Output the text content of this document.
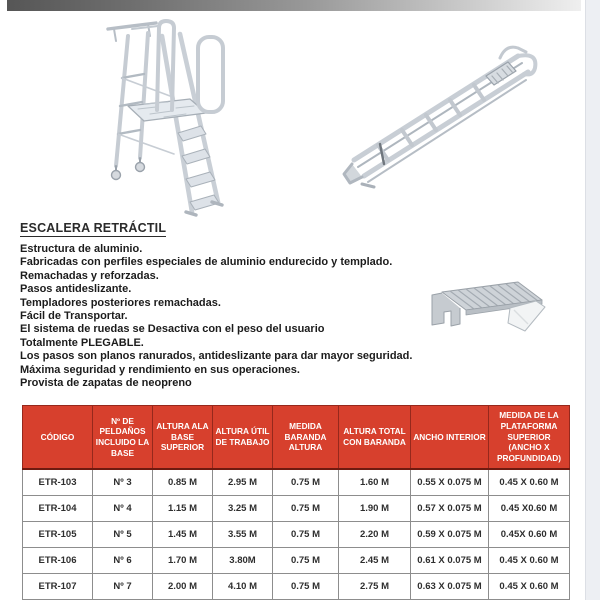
ESCALERA RETRÁCTIL

Estructura de aluminio.

Fabricadas con perfiles especiales de aluminio endurecido y templado.

Remachadas y reforzadas.

Pasos antideslizante.

Templadores posteriores remachadas.

Fácil de Transportar.

El sistema de ruedas se Desactiva con el peso del usuario

Totalmente PLEGABLE.

Los pasos son planos ranurados, antideslizante para dar mayor seguridad.

Máxima seguridad y rendimiento en sus operaciones.

Provista de zapatas de neopreno

CÓDIGO	Nº DE PELDAÑOS INCLUIDO LA BASE	ALTURA ALA BASE SUPERIOR	ALTURA ÚTIL DE TRABAJO	MEDIDA BARANDA ALTURA	ALTURA TOTAL CON BARANDA	ANCHO INTERIOR	MEDIDA DE LA PLATAFORMA SUPERIOR (ANCHO X PROFUNDIDAD)
ETR-103	Nº 3	0.85 M	2.95 M	0.75 M	1.60 M	0.55 X 0.075 M	0.45 X 0.60 M
ETR-104	Nº 4	1.15 M	3.25 M	0.75 M	1.90 M	0.57 X 0.075 M	0.45 X0.60 M
ETR-105	Nº 5	1.45 M	3.55 M	0.75 M	2.20 M	0.59 X 0.075 M	0.45X 0.60 M
ETR-106	Nº 6	1.70 M	3.80M	0.75 M	2.45 M	0.61 X 0.075 M	0.45 X 0.60 M
ETR-107	Nº 7	2.00 M	4.10 M	0.75 M	2.75 M	0.63 X 0.075 M	0.45 X 0.60 M
